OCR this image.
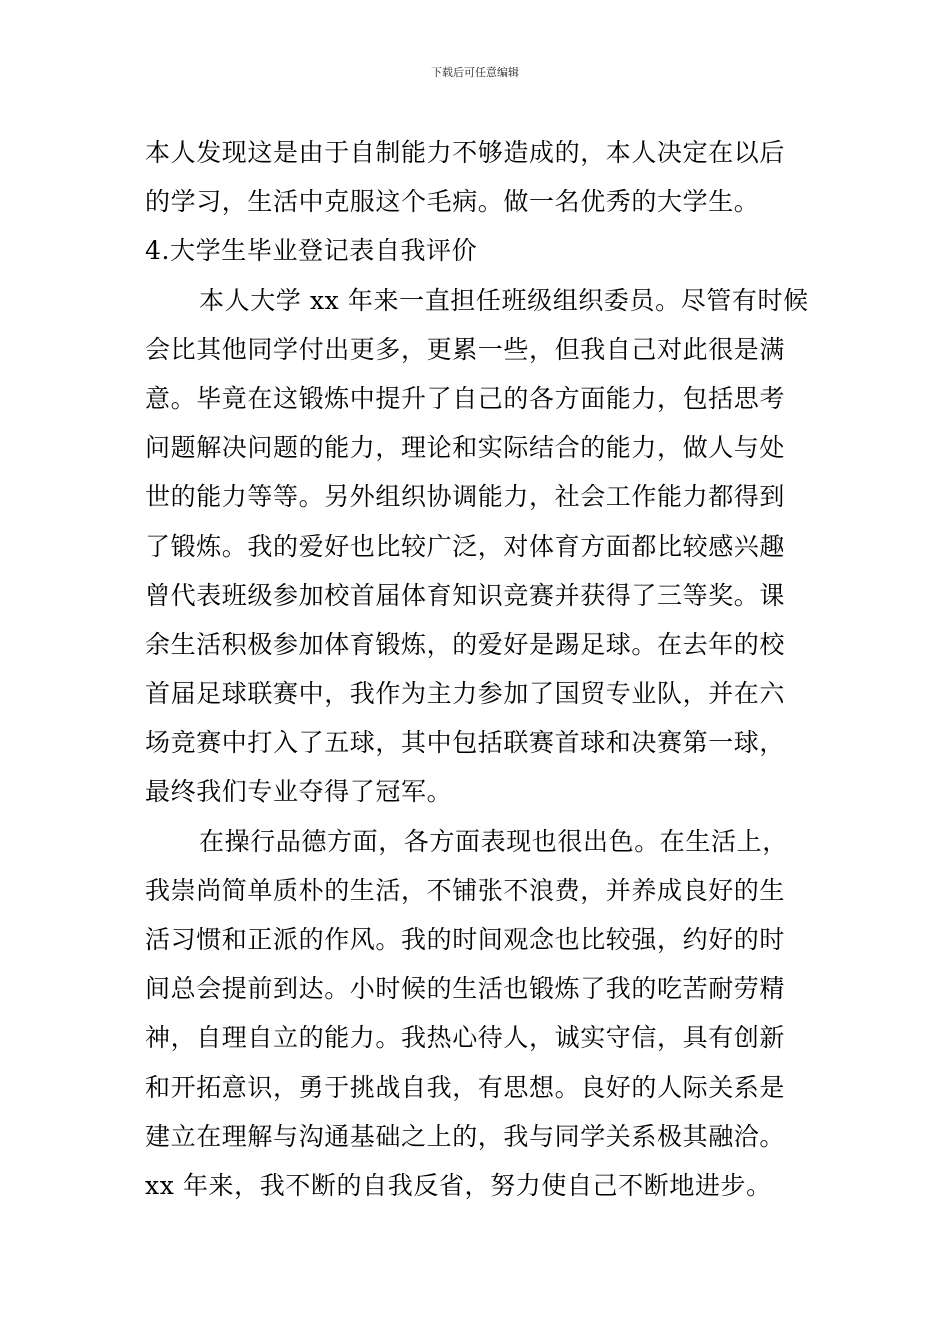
下载后可任意编辑
本人发现这是由于自制能力不够造成的，本人决定在以后
的学习，生活中克服这个毛病。做一名优秀的大学生。
4.大学生毕业登记表自我评价
本人大学 xx 年来一直担任班级组织委员。尽管有时候
会比其他同学付出更多，更累一些，但我自己对此很是满
意。毕竟在这锻炼中提升了自己的各方面能力，包括思考
问题解决问题的能力，理论和实际结合的能力，做人与处
世的能力等等。另外组织协调能力，社会工作能力都得到
了锻炼。我的爱好也比较广泛，对体育方面都比较感兴趣
曾代表班级参加校首届体育知识竞赛并获得了三等奖。课
余生活积极参加体育锻炼，的爱好是踢足球。在去年的校
首届足球联赛中，我作为主力参加了国贸专业队，并在六
场竞赛中打入了五球，其中包括联赛首球和决赛第一球，
最终我们专业夺得了冠军。
在操行品德方面，各方面表现也很出色。在生活上，
我崇尚简单质朴的生活，不铺张不浪费，并养成良好的生
活习惯和正派的作风。我的时间观念也比较强，约好的时
间总会提前到达。小时候的生活也锻炼了我的吃苦耐劳精
神，自理自立的能力。我热心待人，诚实守信，具有创新
和开拓意识，勇于挑战自我，有思想。良好的人际关系是
建立在理解与沟通基础之上的，我与同学关系极其融洽。
xx 年来，我不断的自我反省，努力使自己不断地进步。
